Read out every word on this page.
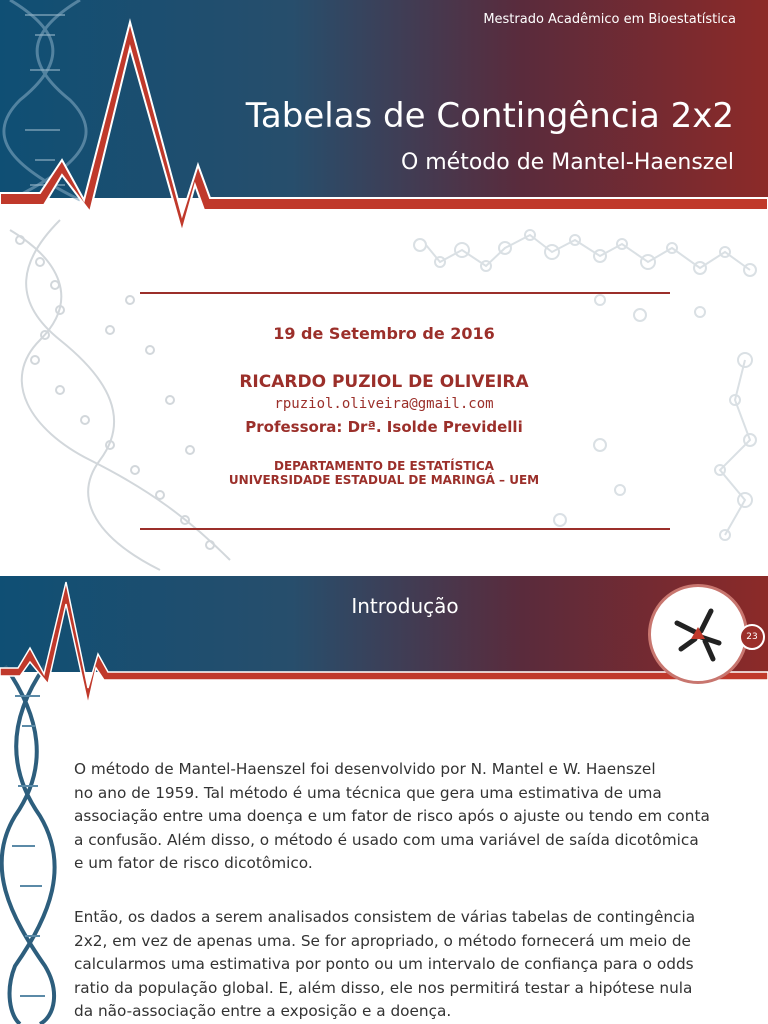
Mestrado Acadêmico em Bioestatística
Tabelas de Contingência 2x2
O método de Mantel-Haenszel
19 de Setembro de 2016
RICARDO PUZIOL DE OLIVEIRA
rpuziol.oliveira@gmail.com
Professora: Drª. Isolde Previdelli
DEPARTAMENTO DE ESTATÍSTICA
UNIVERSIDADE ESTADUAL DE MARINGÁ – UEM
Introdução
23
O método de Mantel-Haenszel foi desenvolvido por N. Mantel e W. Haenszel
no ano de 1959. Tal método é uma técnica que gera uma estimativa de uma
associação entre uma doença e um fator de risco após o ajuste ou tendo em conta
a confusão. Além disso, o método é usado com uma variável de saída dicotômica
e um fator de risco dicotômico.
Então, os dados a serem analisados consistem de várias tabelas de contingência
2x2, em vez de apenas uma. Se for apropriado, o método fornecerá um meio de
calcularmos uma estimativa por ponto ou um intervalo de confiança para o odds
ratio da população global. E, além disso, ele nos permitirá testar a hipótese nula
da não-associação entre a exposição e a doença.
